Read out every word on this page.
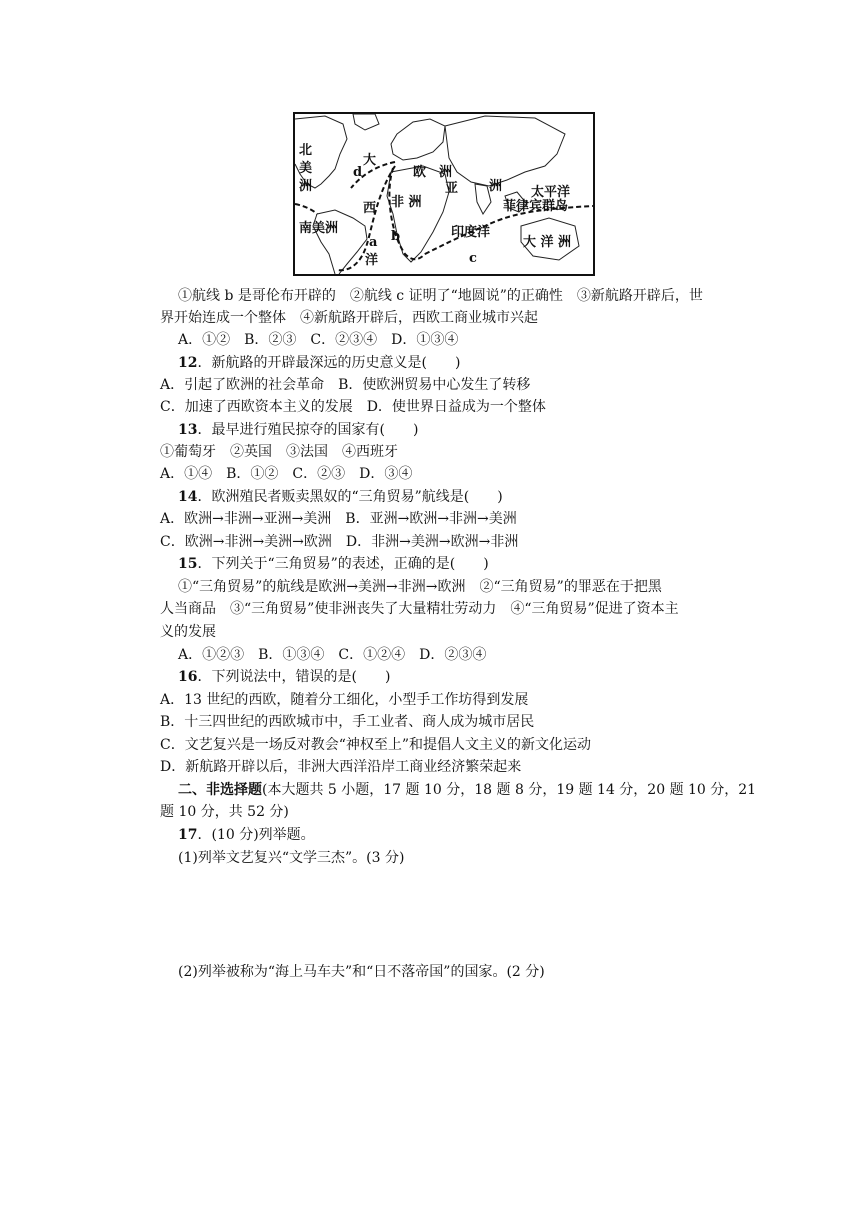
北
美
洲
大
d	欧　洲
亚 洲 太平洋
菲律宾群岛
西 非 洲
南美洲	印度洋
大 洋 洲
a b
洋	c
①航线 b 是哥伦布开辟的　②航线 c 证明了“地圆说”的正确性　③新航路开辟后，世
界开始连成一个整体　④新航路开辟后，西欧工商业城市兴起
A．①②　B．②③　C．②③④　D．①③④
12．新航路的开辟最深远的历史意义是(　　)
A．引起了欧洲的社会革命　B．使欧洲贸易中心发生了转移
C．加速了西欧资本主义的发展　D．使世界日益成为一个整体
13．最早进行殖民掠夺的国家有(　　)
①葡萄牙　②英国　③法国　④西班牙
A．①④　B．①②　C．②③　D．③④
14．欧洲殖民者贩卖黑奴的“三角贸易”航线是(　　)
A．欧洲→非洲→亚洲→美洲　B．亚洲→欧洲→非洲→美洲
C．欧洲→非洲→美洲→欧洲　D．非洲→美洲→欧洲→非洲
15．下列关于“三角贸易”的表述，正确的是(　　)
①“三角贸易”的航线是欧洲→美洲→非洲→欧洲　②“三角贸易”的罪恶在于把黑
人当商品　③“三角贸易”使非洲丧失了大量精壮劳动力　④“三角贸易”促进了资本主
义的发展
A．①②③　B．①③④　C．①②④　D．②③④
16．下列说法中，错误的是(　　)
A．13 世纪的西欧，随着分工细化，小型手工作坊得到发展
B．十三四世纪的西欧城市中，手工业者、商人成为城市居民
C．文艺复兴是一场反对教会“神权至上”和提倡人文主义的新文化运动
D．新航路开辟以后，非洲大西洋沿岸工商业经济繁荣起来
二、非选择题(本大题共 5 小题，17 题 10 分，18 题 8 分，19 题 14 分，20 题 10 分，21
题 10 分，共 52 分)
17．(10 分)列举题。
(1)列举文艺复兴“文学三杰”。(3 分)
(2)列举被称为“海上马车夫”和“日不落帝国”的国家。(2 分)
